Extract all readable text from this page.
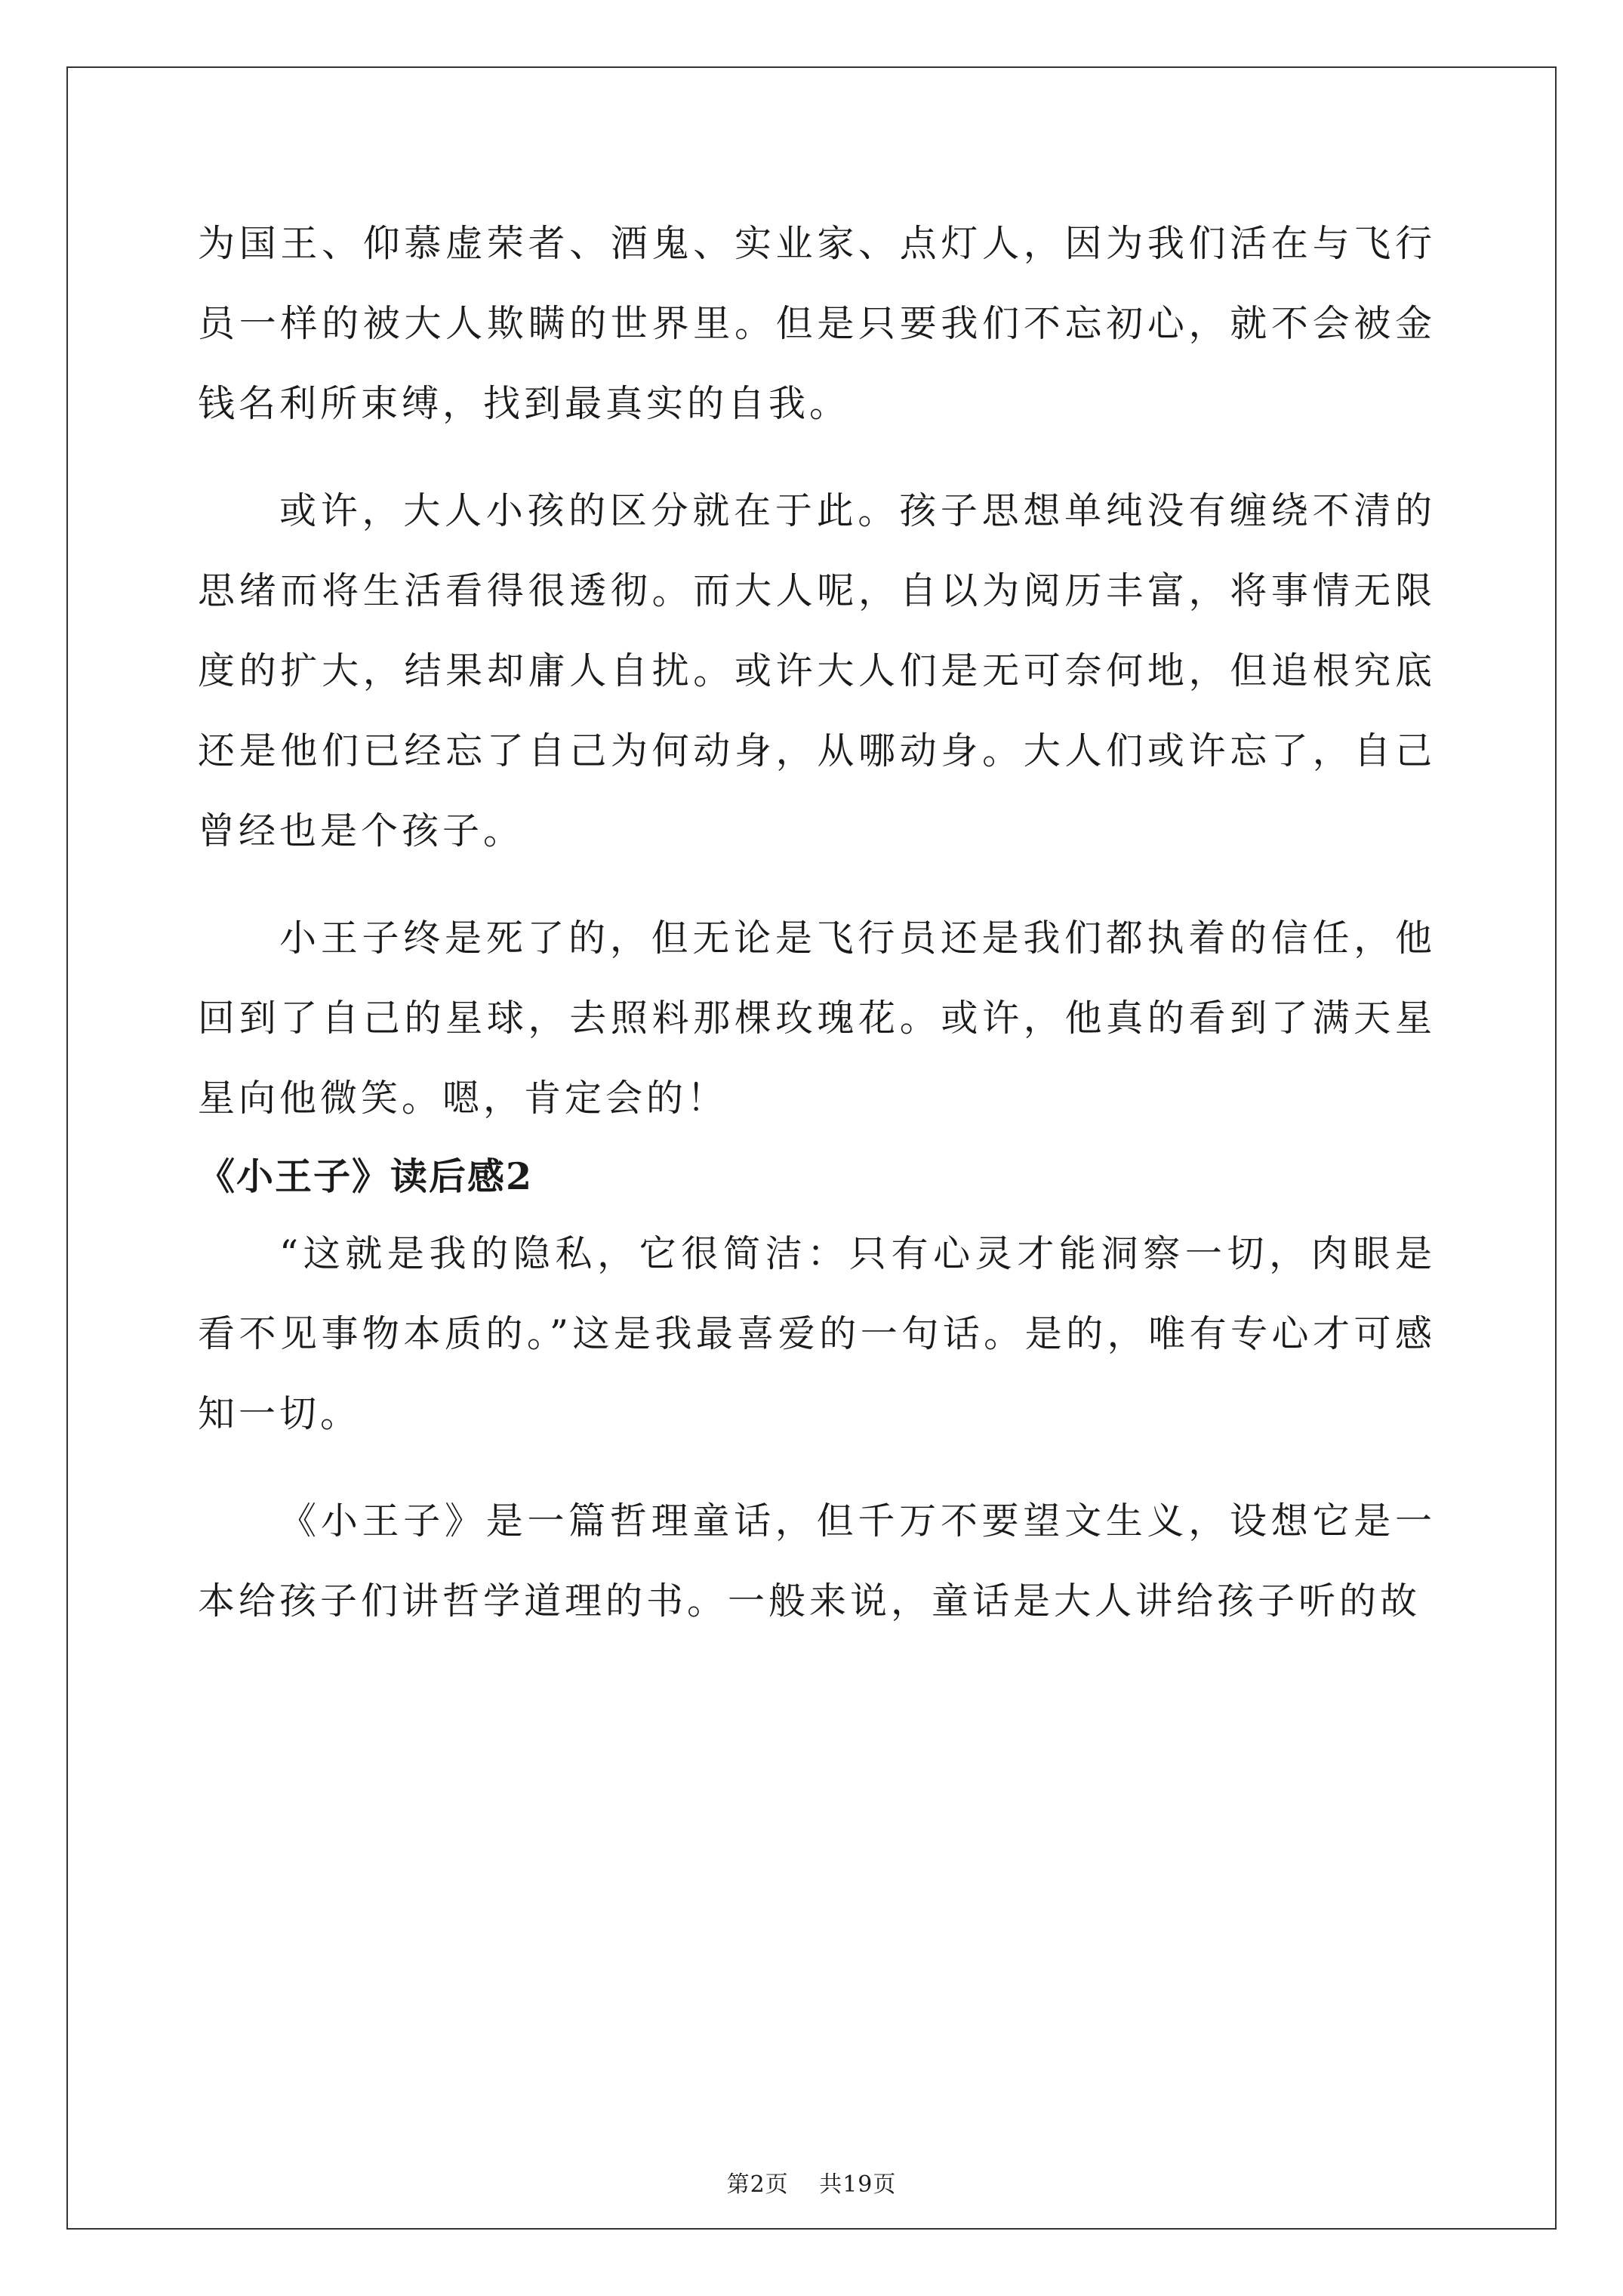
为国王、仰慕虚荣者、酒鬼、实业家、点灯人，因为我们活在与飞行员一样的被大人欺瞒的世界里。但是只要我们不忘初心，就不会被金钱名利所束缚，找到最真实的自我。

或许，大人小孩的区分就在于此。孩子思想单纯没有缠绕不清的思绪而将生活看得很透彻。而大人呢，自以为阅历丰富，将事情无限度的扩大，结果却庸人自扰。或许大人们是无可奈何地，但追根究底还是他们已经忘了自己为何动身，从哪动身。大人们或许忘了，自己曾经也是个孩子。

小王子终是死了的，但无论是飞行员还是我们都执着的信任，他回到了自己的星球，去照料那棵玫瑰花。或许，他真的看到了满天星星向他微笑。嗯，肯定会的！

《小王子》读后感2

“这就是我的隐私，它很简洁：只有心灵才能洞察一切，肉眼是看不见事物本质的。”这是我最喜爱的一句话。是的，唯有专心才可感知一切。

《小王子》是一篇哲理童话，但千万不要望文生义，设想它是一本给孩子们讲哲学道理的书。一般来说，童话是大人讲给孩子听的故

第2页 共19页
